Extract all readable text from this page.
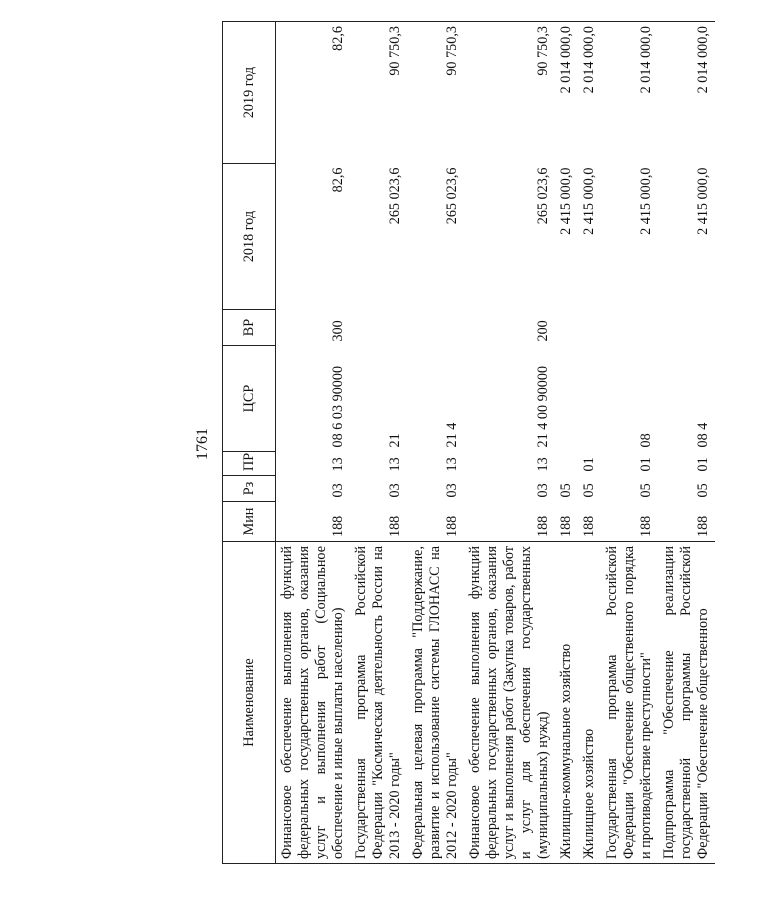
1761
Наименование	Мин	Рз	ПР	ЦСР	ВР	2018 год	2019 год
Финансовое обеспечение выполнения функций федеральных государственных органов, оказания услуг и выполнения работ (Социальное обеспечение и иные выплаты населению)	188	03	13	08 6 03 90000	300	82,6	82,6
Государственная программа Российской Федерации "Космическая деятельность России на 2013 - 2020 годы"	188	03	13	21		265 023,6	90 750,3
Федеральная целевая программа "Поддержание, развитие и использование системы ГЛОНАСС на 2012 - 2020 годы"	188	03	13	21 4		265 023,6	90 750,3
Финансовое обеспечение выполнения функций федеральных государственных органов, оказания услуг и выполнения работ (Закупка товаров, работ и услуг для обеспечения государственных (муниципальных) нужд)	188	03	13	21 4 00 90000	200	265 023,6	90 750,3
Жилищно-коммунальное хозяйство	188	05				2 415 000,0	2 014 000,0
Жилищное хозяйство	188	05	01			2 415 000,0	2 014 000,0
Государственная программа Российской Федерации "Обеспечение общественного порядка и противодействие преступности"	188	05	01	08		2 415 000,0	2 014 000,0
Подпрограмма "Обеспечение реализации государственной программы Российской Федерации "Обеспечение общественного	188	05	01	08 4		2 415 000,0	2 014 000,0
